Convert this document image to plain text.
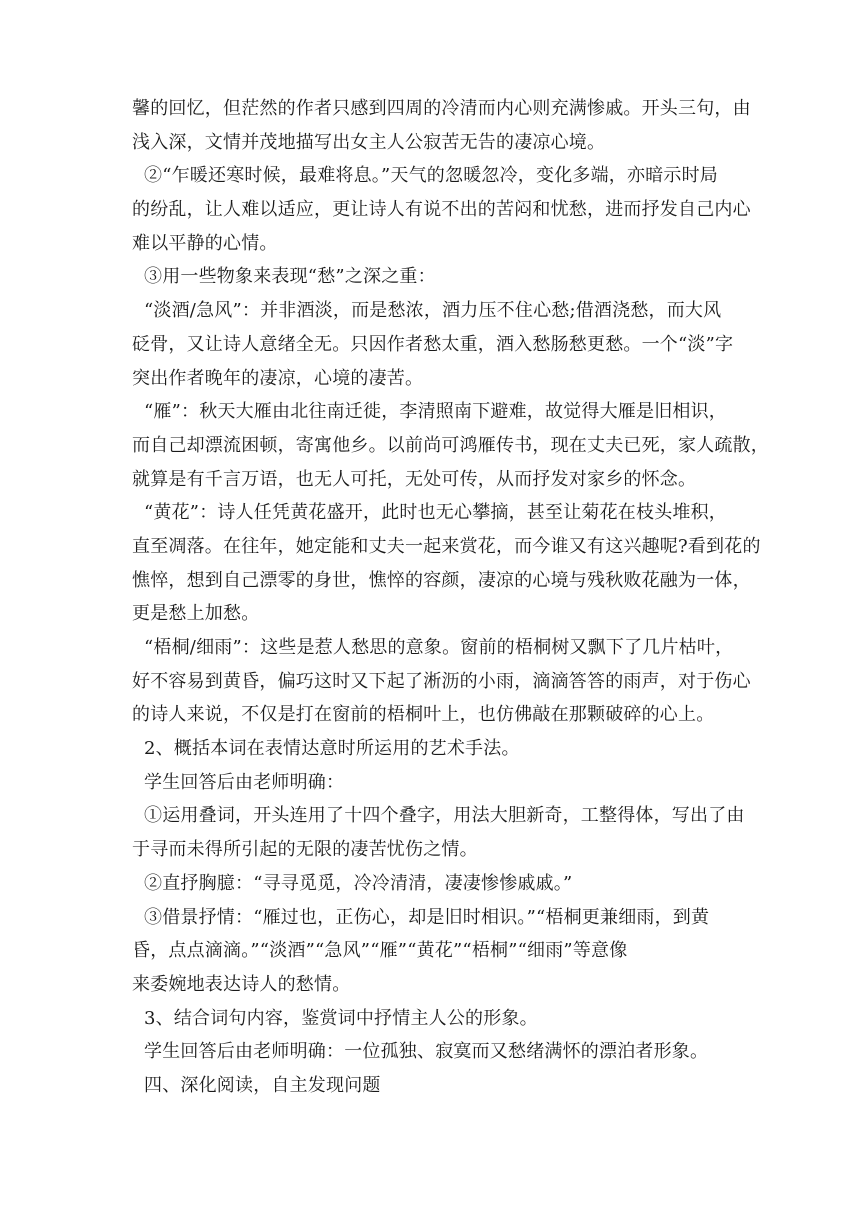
馨的回忆，但茫然的作者只感到四周的冷清而内心则充满惨戚。开头三句，由
浅入深，文情并茂地描写出女主人公寂苦无告的凄凉心境。
②“乍暖还寒时候，最难将息。”天气的忽暖忽冷，变化多端，亦暗示时局
的纷乱，让人难以适应，更让诗人有说不出的苦闷和忧愁，进而抒发自己内心
难以平静的心情。
③用一些物象来表现“愁”之深之重：
“淡酒/急风”：并非酒淡，而是愁浓，酒力压不住心愁;借酒浇愁，而大风
砭骨，又让诗人意绪全无。只因作者愁太重，酒入愁肠愁更愁。一个“淡”字
突出作者晚年的凄凉，心境的凄苦。
“雁”：秋天大雁由北往南迁徙，李清照南下避难，故觉得大雁是旧相识，
而自己却漂流困顿，寄寓他乡。以前尚可鸿雁传书，现在丈夫已死，家人疏散，
就算是有千言万语，也无人可托，无处可传，从而抒发对家乡的怀念。
“黄花”：诗人任凭黄花盛开，此时也无心攀摘，甚至让菊花在枝头堆积，
直至凋落。在往年，她定能和丈夫一起来赏花，而今谁又有这兴趣呢?看到花的
憔悴，想到自己漂零的身世，憔悴的容颜，凄凉的心境与残秋败花融为一体，
更是愁上加愁。
“梧桐/细雨”：这些是惹人愁思的意象。窗前的梧桐树又飘下了几片枯叶，
好不容易到黄昏，偏巧这时又下起了淅沥的小雨，滴滴答答的雨声，对于伤心
的诗人来说，不仅是打在窗前的梧桐叶上，也仿佛敲在那颗破碎的心上。
2、概括本词在表情达意时所运用的艺术手法。
学生回答后由老师明确：
①运用叠词，开头连用了十四个叠字，用法大胆新奇，工整得体，写出了由
于寻而未得所引起的无限的凄苦忧伤之情。
②直抒胸臆：“寻寻觅觅，冷冷清清，凄凄惨惨戚戚。”
③借景抒情：“雁过也，正伤心，却是旧时相识。”“梧桐更兼细雨，到黄
昏，点点滴滴。”“淡酒”“急风”“雁”“黄花”“梧桐”“细雨”等意像
来委婉地表达诗人的愁情。
3、结合词句内容，鉴赏词中抒情主人公的形象。
学生回答后由老师明确：一位孤独、寂寞而又愁绪满怀的漂泊者形象。
四、深化阅读，自主发现问题
